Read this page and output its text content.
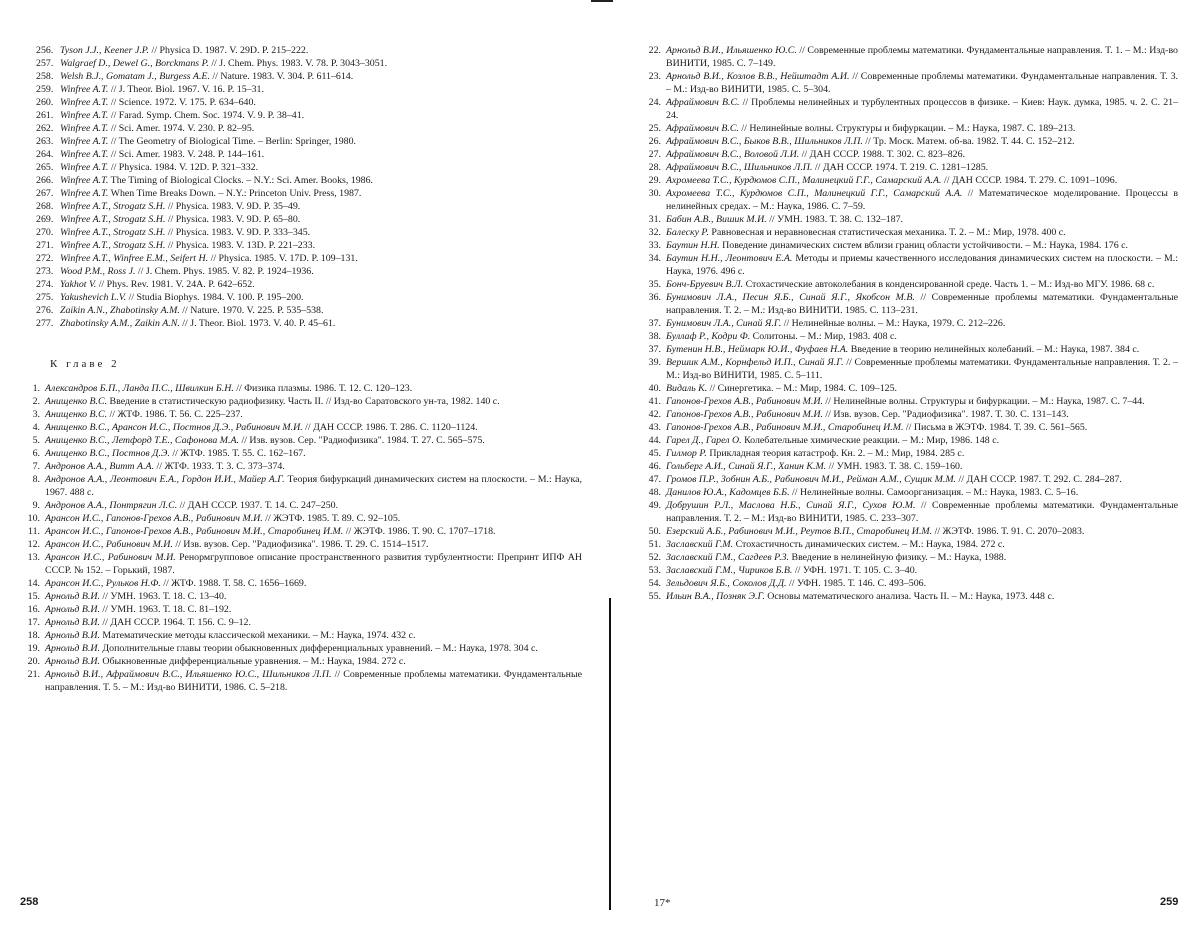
256. Tyson J.J., Keener J.P. // Physica D. 1987. V. 29D. P. 215–222.
257. Walgraef D., Dewel G., Borckmans P. // J. Chem. Phys. 1983. V. 78. P. 3043–3051.
258. Welsh B.J., Gomatam J., Burgess A.E. // Nature. 1983. V. 304. P. 611–614.
259. Winfree A.T. // J. Theor. Biol. 1967. V. 16. P. 15–31.
260. Winfree A.T. // Science. 1972. V. 175. P. 634–640.
261. Winfree A.T. // Farad. Symp. Chem. Soc. 1974. V. 9. P. 38–41.
262. Winfree A.T. // Sci. Amer. 1974. V. 230. P. 82–95.
263. Winfree A.T. // The Geometry of Biological Time. – Berlin: Springer, 1980.
264. Winfree A.T. // Sci. Amer. 1983. V. 248. P. 144–161.
265. Winfree A.T. // Physica. 1984. V. 12D. P. 321–332.
266. Winfree A.T. The Timing of Biological Clocks. – N.Y.: Sci. Amer. Books, 1986.
267. Winfree A.T. When Time Breaks Down. – N.Y.: Princeton Univ. Press, 1987.
268. Winfree A.T., Strogatz S.H. // Physica. 1983. V. 9D. P. 35–49.
269. Winfree A.T., Strogatz S.H. // Physica. 1983. V. 9D. P. 65–80.
270. Winfree A.T., Strogatz S.H. // Physica. 1983. V. 9D. P. 333–345.
271. Winfree A.T., Strogatz S.H. // Physica. 1983. V. 13D. P. 221–233.
272. Winfree A.T., Winfree E.M., Seifert H. // Physica. 1985. V. 17D. P. 109–131.
273. Wood P.M., Ross J. // J. Chem. Phys. 1985. V. 82. P. 1924–1936.
274. Yakhot V. // Phys. Rev. 1981. V. 24A. P. 642–652.
275. Yakushevich L.V. // Studia Biophys. 1984. V. 100. P. 195–200.
276. Zaikin A.N., Zhabotinsky A.M. // Nature. 1970. V. 225. P. 535–538.
277. Zhabotinsky A.M., Zaikin A.N. // J. Theor. Biol. 1973. V. 40. P. 45–61.
К главе 2
1. Александров Б.П., Ланда П.С., Швилкин Б.Н. // Физика плазмы. 1986. Т. 12. С. 120–123.
2. Анищенко В.С. Введение в статистическую радиофизику. Часть II. // Изд-во Саратовского ун-та, 1982. 140 с.
3. Анищенко В.С. // ЖТФ. 1986. Т. 56. С. 225–237.
4. Анищенко В.С., Арансон И.С., Постнов Д.Э., Рабинович М.И. // ДАН СССР. 1986. Т. 286. С. 1120–1124.
5. Анищенко В.С., Летфорд Т.Е., Сафонова М.А. // Изв. вузов. Сер. "Радиофизика". 1984. Т. 27. С. 565–575.
6. Анищенко В.С., Постнов Д.Э. // ЖТФ. 1985. Т. 55. С. 162–167.
7. Андронов А.А., Витт А.А. // ЖТФ. 1933. Т. 3. С. 373–374.
8. Андронов А.А., Леонтович Е.А., Гордон И.И., Майер А.Г. Теория бифуркаций динамических систем на плоскости. – М.: Наука, 1967. 488 с.
9. Андронов А.А., Понтрягин Л.С. // ДАН СССР. 1937. Т. 14. С. 247–250.
10. Арансон И.С., Гапонов-Грехов А.В., Рабинович М.И. // ЖЭТФ. 1985. Т. 89. С. 92–105.
11. Арансон И.С., Гапонов-Грехов А.В., Рабинович М.И., Старобинец И.М. // ЖЭТФ. 1986. Т. 90. С. 1707–1718.
12. Арансон И.С., Рабинович М.И. // Изв. вузов. Сер. "Радиофизика". 1986. Т. 29. С. 1514–1517.
13. Арансон И.С., Рабинович М.И. Ренормгрупповое описание пространственного развития турбулентности: Препринт ИПФ АН СССР. № 152. – Горький, 1987.
14. Арансон И.С., Рульков Н.Ф. // ЖТФ. 1988. Т. 58. С. 1656–1669.
15. Арнольд В.И. // УМН. 1963. Т. 18. С. 13–40.
16. Арнольд В.И. // УМН. 1963. Т. 18. С. 81–192.
17. Арнольд В.И. // ДАН СССР. 1964. Т. 156. С. 9–12.
18. Арнольд В.И. Математические методы классической механики. – М.: Наука, 1974. 432 с.
19. Арнольд В.И. Дополнительные главы теории обыкновенных дифференциальных уравнений. – М.: Наука, 1978. 304 с.
20. Арнольд В.И. Обыкновенные дифференциальные уравнения. – М.: Наука, 1984. 272 с.
21. Арнольд В.И., Афраймович В.С., Ильяшенко Ю.С., Шильников Л.П. // Современные проблемы математики. Фундаментальные направления. Т. 5. – М.: Изд-во ВИНИТИ, 1986. С. 5–218.
22. Арнольд В.И., Ильяшенко Ю.С. // Современные проблемы математики. Фундаментальные направления. Т. 1. – М.: Изд-во ВИНИТИ, 1985. С. 7–149.
23. Арнольд В.И., Козлов В.В., Нейштадт А.И. // Современные проблемы математики. Фундаментальные направления. Т. 3. – М.: Изд-во ВИНИТИ, 1985. С. 5–304.
24. Афраймович В.С. // Проблемы нелинейных и турбулентных процессов в физике. – Киев: Наук. думка, 1985. ч. 2. С. 21–24.
25. Афраймович В.С. // Нелинейные волны. Структуры и бифуркации. – М.: Наука, 1987. С. 189–213.
26. Афраймович В.С., Быков В.В., Шильников Л.П. // Тр. Моск. Матем. об-ва. 1982. Т. 44. С. 152–212.
27. Афраймович В.С., Воловой Л.И. // ДАН СССР. 1988. Т. 302. С. 823–826.
28. Афраймович В.С., Шильников Л.П. // ДАН СССР. 1974. Т. 219. С. 1281–1285.
29. Ахромеева Т.С., Курдюмов С.П., Малинецкий Г.Г., Самарский А.А. // ДАН СССР. 1984. Т. 279. С. 1091–1096.
30. Ахромеева Т.С., Курдюмов С.П., Малинецкий Г.Г., Самарский А.А. // Математическое моделирование. Процессы в нелинейных средах. – М.: Наука, 1986. С. 7–59.
31. Бабин А.В., Вишик М.И. // УМН. 1983. Т. 38. С. 132–187.
32. Балеску Р. Равновесная и неравновесная статистическая механика. Т. 2. – М.: Мир, 1978. 400 с.
33. Баутин Н.Н. Поведение динамических систем вблизи границ области устойчивости. – М.: Наука, 1984. 176 с.
34. Баутин Н.Н., Леонтович Е.А. Методы и приемы качественного исследования динамических систем на плоскости. – М.: Наука, 1976. 496 с.
35. Бонч-Бруевич В.Л. Стохастические автоколебания в конденсированной среде. Часть 1. – М.: Изд-во МГУ. 1986. 68 с.
36. Бунимович Л.А., Песин Я.Б., Синай Я.Г., Якобсон М.В. // Современные проблемы математики. Фундаментальные направления. Т. 2. – М.: Изд-во ВИНИТИ. 1985. С. 113–231.
37. Бунимович Л.А., Синай Я.Г. // Нелинейные волны. – М.: Наука, 1979. С. 212–226.
38. Буллаф Р., Кодри Ф. Солитоны. – М.: Мир, 1983. 408 с.
37. Бутенин Н.В., Неймарк Ю.И., Фуфаев Н.А. Введение в теорию нелинейных колебаний. – М.: Наука, 1987. 384 с.
39. Вершик А.М., Корнфельд И.П., Синай Я.Г. // Современные проблемы математики. Фундаментальные направления. Т. 2. – М.: Изд-во ВИНИТИ, 1985. С. 5–111.
40. Видаль К. // Синергетика. – М.: Мир, 1984. С. 109–125.
41. Гапонов-Грехов А.В., Рабинович М.И. // Нелинейные волны. Структуры и бифуркации. – М.: Наука, 1987. С. 7–44.
42. Гапонов-Грехов А.В., Рабинович М.И. // Изв. вузов. Сер. "Радиофизика". 1987. Т. 30. С. 131–143.
43. Гапонов-Грехов А.В., Рабинович М.И., Старобинец И.М. // Письма в ЖЭТФ. 1984. Т. 39. С. 561–565.
44. Гарел Д., Гарел О. Колебательные химические реакции. – М.: Мир, 1986. 148 с.
45. Гилмор Р. Прикладная теория катастроф. Кн. 2. – М.: Мир, 1984. 285 с.
46. Гольберг А.И., Синай Я.Г., Ханин К.М. // УМН. 1983. Т. 38. С. 159–160.
47. Громов П.Р., Зобнин А.Б., Рабинович М.И., Рейман А.М., Сущик М.М. // ДАН СССР. 1987. Т. 292. С. 284–287.
48. Данилов Ю.А., Кадомцев Б.Б. // Нелинейные волны. Самоорганизация. – М.: Наука, 1983. С. 5–16.
49. Добрушин Р.Л., Маслова Н.Б., Синай Я.Г., Сухов Ю.М. // Современные проблемы математики. Фундаментальные направления. Т. 2. – М.: Изд-во ВИНИТИ, 1985. С. 233–307.
50. Езерский А.Б., Рабинович М.И., Реутов В.П., Старобинец И.М. // ЖЭТФ. 1986. Т. 91. С. 2070–2083.
51. Заславский Г.М. Стохастичность динамических систем. – М.: Наука, 1984. 272 с.
52. Заславский Г.М., Сагдеев Р.З. Введение в нелинейную физику. – М.: Наука, 1988.
53. Заславский Г.М., Чириков Б.В. // УФН. 1971. Т. 105. С. 3–40.
54. Зельдович Я.Б., Соколов Д.Д. // УФН. 1985. Т. 146. С. 493–506.
55. Ильин В.А., Позняк Э.Г. Основы математического анализа. Часть II. – М.: Наука, 1973. 448 с.
258	17*	259
